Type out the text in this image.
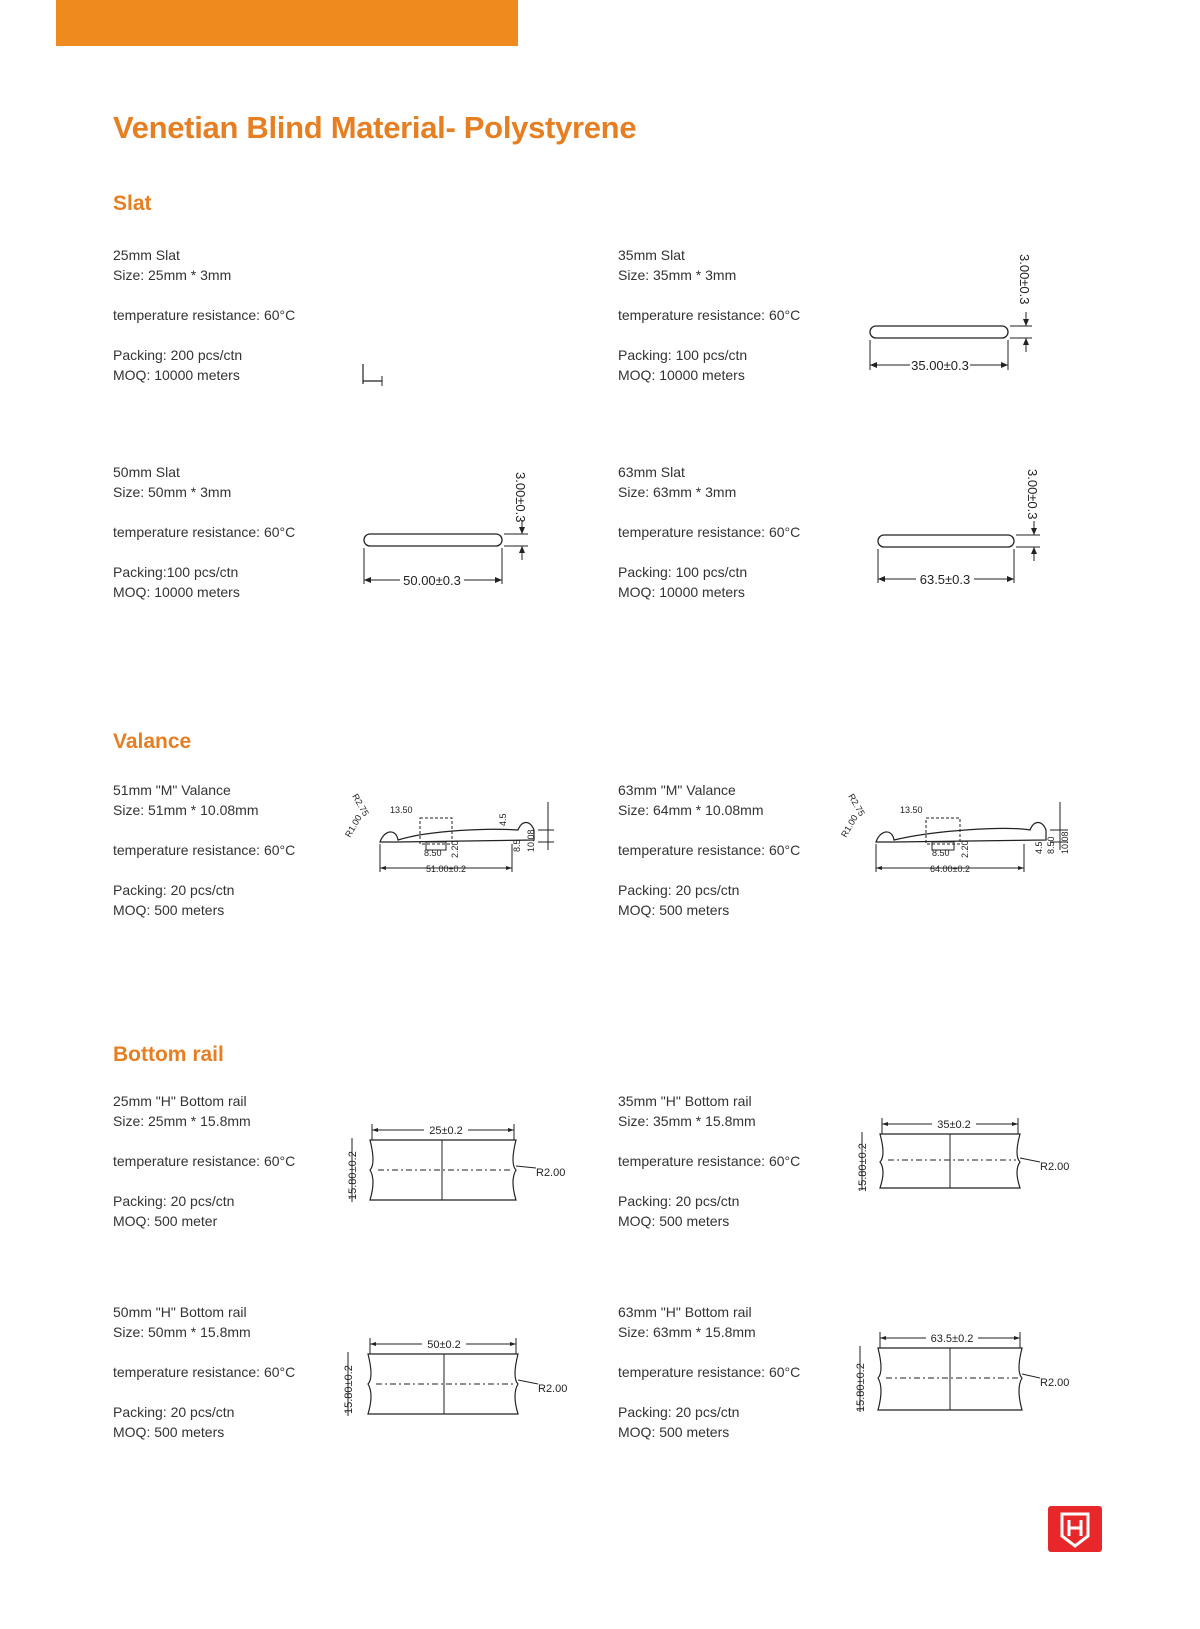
Venetian Blind Material- Polystyrene
Slat
25mm Slat
Size: 25mm * 3mm
temperature resistance: 60°C
Packing: 200 pcs/ctn
MOQ: 10000 meters
35mm Slat
Size: 35mm * 3mm
temperature resistance: 60°C
Packing: 100 pcs/ctn
MOQ: 10000 meters
35.00±0.3
3.00±0.3
50mm Slat
Size: 50mm * 3mm
temperature resistance: 60°C
Packing:100 pcs/ctn
MOQ: 10000 meters
50.00±0.3
3.00±0.3	63mm Slat
Size: 63mm * 3mm
temperature resistance: 60°C
Packing: 100 pcs/ctn
MOQ: 10000 meters
63.5±0.3
3.00±0.3
Valance
51mm "M" Valance
Size: 51mm * 10.08mm
temperature resistance: 60°C
Packing: 20 pcs/ctn
MOQ: 500 meters
51.00±0.2
13.50
R2.75
R1.00
8.50 2.20
4.5
8.5 10.08
63mm "M" Valance
Size: 64mm * 10.08mm
temperature resistance: 60°C
Packing: 20 pcs/ctn
MOQ: 500 meters
64.00±0.2
13.50
R2.75
R1.00
8.50 2.20	4.5 8.50 10.08
Bottom rail
25mm "H" Bottom rail
Size: 25mm * 15.8mm
temperature resistance: 60°C
Packing: 20 pcs/ctn
MOQ: 500 meter
25±0.2
R2.00
15.80±0.2
35mm "H" Bottom rail
Size: 35mm * 15.8mm
temperature resistance: 60°C
Packing: 20 pcs/ctn
MOQ: 500 meters
35±0.2
R2.00
15.80±0.2
50mm "H" Bottom rail
Size: 50mm * 15.8mm
temperature resistance: 60°C
Packing: 20 pcs/ctn
MOQ: 500 meters
50±0.2
R2.00
15.80±0.2
63mm "H" Bottom rail
Size: 63mm * 15.8mm
temperature resistance: 60°C
Packing: 20 pcs/ctn
MOQ: 500 meters
63.5±0.2
R2.00
15.80±0.2
